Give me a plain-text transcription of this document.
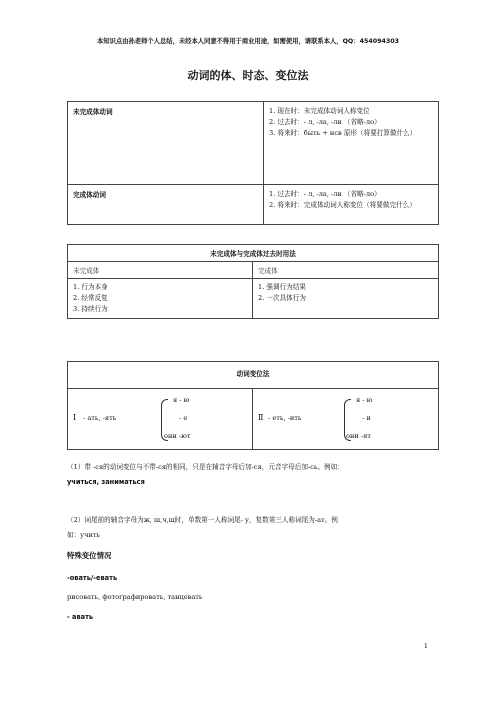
本知识点由孙老师个人总结，未经本人同意不得用于商业用途，如需使用，请联系本人，QQ：454094303
动词的体、时态、变位法
未完成体动词	1. 现在时：未完成体动词人称变位
2. 过去时：- л, -ла, -ли （省略-ло）
3. 将来时：быть + нсв 原形（将要打算做什么）

完成体动词	1. 过去时：- л, -ла, -ли （省略-ло）
2. 将来时：完成体动词人称变位（将要做完什么）
未完成体与完成体过去时用法	
未完成体	完成体

1. 行为本身
2. 经常反复
3. 持续行为	1. 强调行为结果
2. 一次具体行为
动词变位法

Ⅰ - ать, -ять
я - ю
- е
они -ют

Ⅱ - еть, -ить
я - ю
- и
они -ят
（1）带 -ся的动词变位与不带-ся的相同，只是在辅音字母后加-ся，元音字母后加-сь。例如：
учиться, заниматься
（2）词尾前的辅音字母为ж, ш,ч,щ时，单数第一人称词尾- у，复数第三人称词尾为-ат。例
如：учить
特殊变位情况
-овать/-евать
рисовать, фотографировать, танцевать
- авать
1
